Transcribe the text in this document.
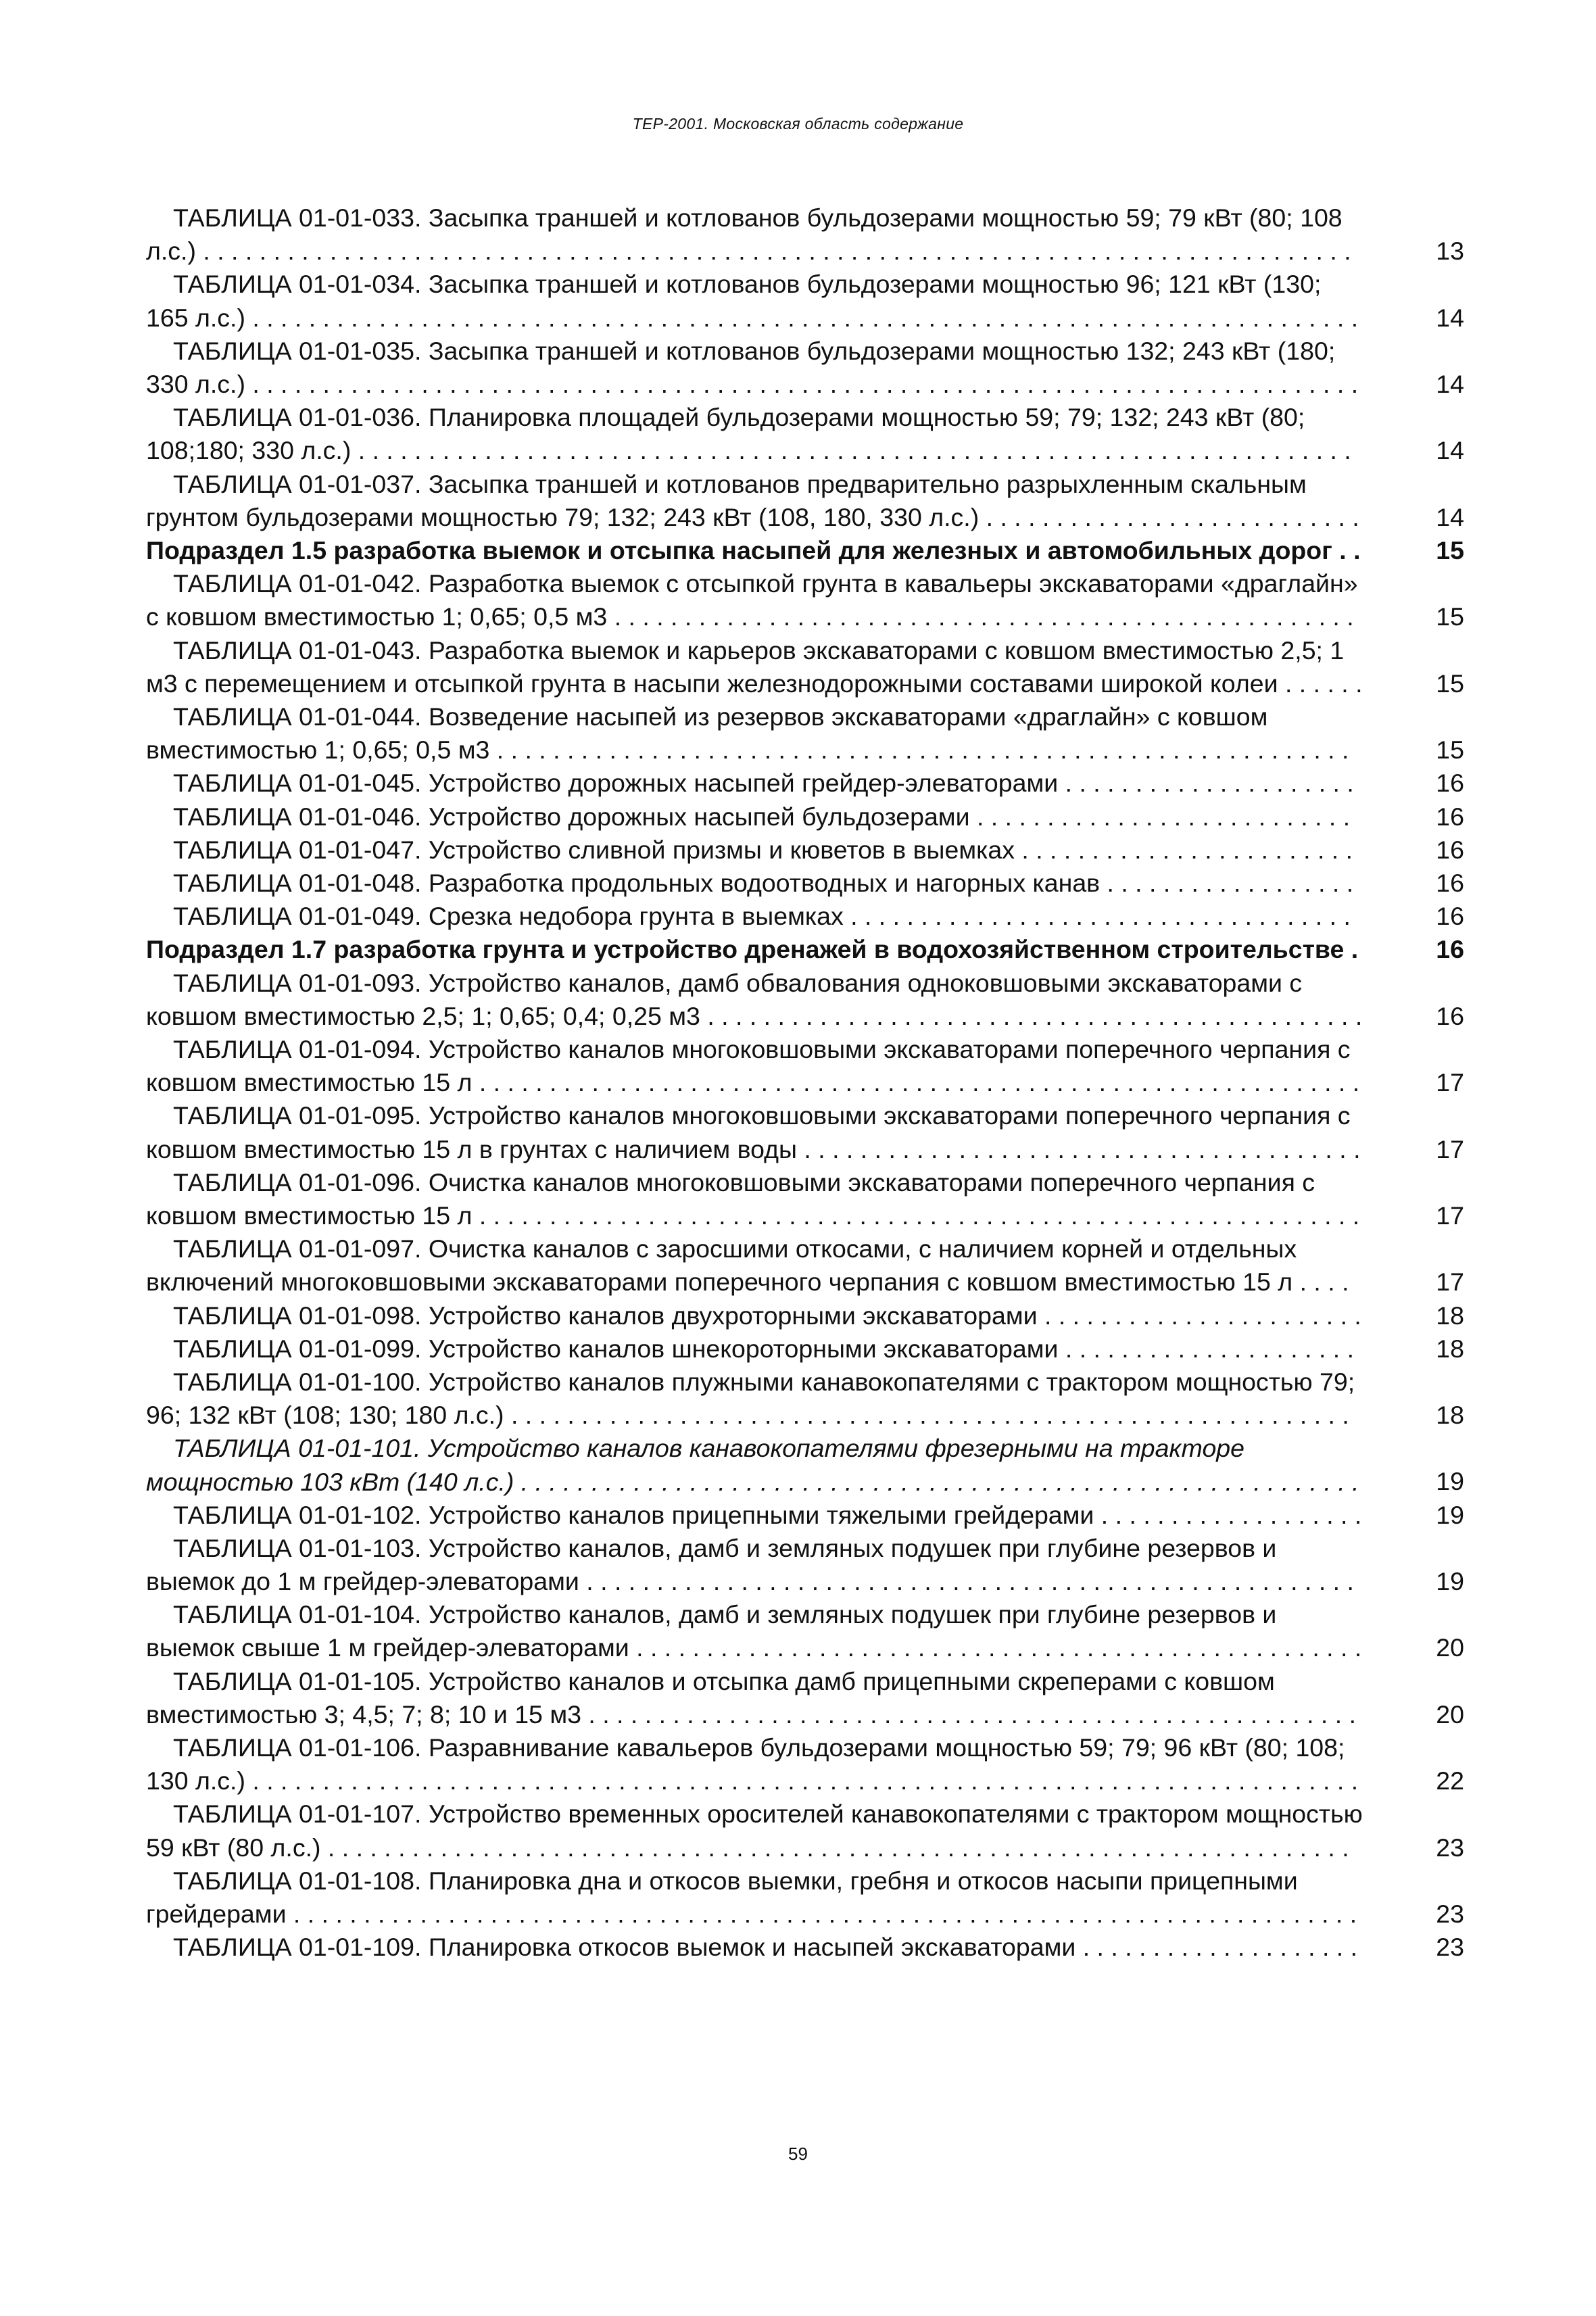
ТЕР-2001. Московская область содержание
ТАБЛИЦА 01-01-033. Засыпка траншей и котлованов бульдозерами мощностью 59; 79 кВт (80; 108 л.с.) . . .	13
ТАБЛИЦА 01-01-034. Засыпка траншей и котлованов бульдозерами мощностью 96; 121 кВт (130; 165 л.с.) . . .	14
ТАБЛИЦА 01-01-035. Засыпка траншей и котлованов бульдозерами мощностью 132; 243 кВт (180; 330 л.с.) . . .	14
ТАБЛИЦА 01-01-036. Планировка площадей бульдозерами мощностью 59; 79; 132; 243 кВт (80; 108;180; 330 л.с.) . . .	14
ТАБЛИЦА 01-01-037. Засыпка траншей и котлованов предварительно разрыхленным скальным грунтом бульдозерами мощностью 79; 132; 243 кВт (108, 180, 330 л.с.) . . .	14
Подраздел 1.5 разработка выемок и отсыпка насыпей для железных и автомобильных дорог . . .	15
ТАБЛИЦА 01-01-042. Разработка выемок с отсыпкой грунта в кавальеры экскаваторами «драглайн» с ковшом вместимостью 1; 0,65; 0,5 м3 . . .	15
ТАБЛИЦА 01-01-043. Разработка выемок и карьеров экскаваторами с ковшом вместимостью 2,5; 1 м3 с перемещением и отсыпкой грунта в насыпи железнодорожными составами широкой колеи . . .	15
ТАБЛИЦА 01-01-044. Возведение насыпей из резервов экскаваторами «драглайн» с ковшом вместимостью 1; 0,65; 0,5 м3 . . .	15
ТАБЛИЦА 01-01-045. Устройство дорожных насыпей грейдер-элеваторами . . .	16
ТАБЛИЦА 01-01-046. Устройство дорожных насыпей бульдозерами . . .	16
ТАБЛИЦА 01-01-047. Устройство сливной призмы и кюветов в выемках . . .	16
ТАБЛИЦА 01-01-048. Разработка продольных водоотводных и нагорных канав . . .	16
ТАБЛИЦА 01-01-049. Срезка недобора грунта в выемках . . .	16
Подраздел 1.7 разработка грунта и устройство дренажей в водохозяйственном строительстве . . .	16
ТАБЛИЦА 01-01-093. Устройство каналов, дамб обвалования одноковшовыми экскаваторами с ковшом вместимостью 2,5; 1; 0,65; 0,4; 0,25 м3 . . .	16
ТАБЛИЦА 01-01-094. Устройство каналов многоковшовыми экскаваторами поперечного черпания с ковшом вместимостью 15 л . . .	17
ТАБЛИЦА 01-01-095. Устройство каналов многоковшовыми экскаваторами поперечного черпания с ковшом вместимостью 15 л в грунтах с наличием воды . . .	17
ТАБЛИЦА 01-01-096. Очистка каналов многоковшовыми экскаваторами поперечного черпания с ковшом вместимостью 15 л . . .	17
ТАБЛИЦА 01-01-097. Очистка каналов с заросшими откосами, с наличием корней и отдельных включений многоковшовыми экскаваторами поперечного черпания с ковшом вместимостью 15 л . . .	17
ТАБЛИЦА 01-01-098. Устройство каналов двухроторными экскаваторами . . .	18
ТАБЛИЦА 01-01-099. Устройство каналов шнекороторными экскаваторами . . .	18
ТАБЛИЦА 01-01-100. Устройство каналов плужными канавокопателями с трактором мощностью 79; 96; 132 кВт (108; 130; 180 л.с.) . . .	18
ТАБЛИЦА 01-01-101. Устройство каналов канавокопателями фрезерными на тракторе мощностью 103 кВт (140 л.с.) . . .	19
ТАБЛИЦА 01-01-102. Устройство каналов прицепными тяжелыми грейдерами . . .	19
ТАБЛИЦА 01-01-103. Устройство каналов, дамб и земляных подушек при глубине резервов и выемок до 1 м грейдер-элеваторами . . .	19
ТАБЛИЦА 01-01-104. Устройство каналов, дамб и земляных подушек при глубине резервов и выемок свыше 1 м грейдер-элеваторами . . .	20
ТАБЛИЦА 01-01-105. Устройство каналов и отсыпка дамб прицепными скреперами с ковшом вместимостью 3; 4,5; 7; 8; 10 и 15 м3 . . .	20
ТАБЛИЦА 01-01-106. Разравнивание кавальеров бульдозерами мощностью 59; 79; 96 кВт (80; 108; 130 л.с.) . . .	22
ТАБЛИЦА 01-01-107. Устройство временных оросителей канавокопателями с трактором мощностью 59 кВт (80 л.с.) . . .	23
ТАБЛИЦА 01-01-108. Планировка дна и откосов выемки, гребня и откосов насыпи прицепными грейдерами . . .	23
ТАБЛИЦА 01-01-109. Планировка откосов выемок и насыпей экскаваторами . . .	23
59
